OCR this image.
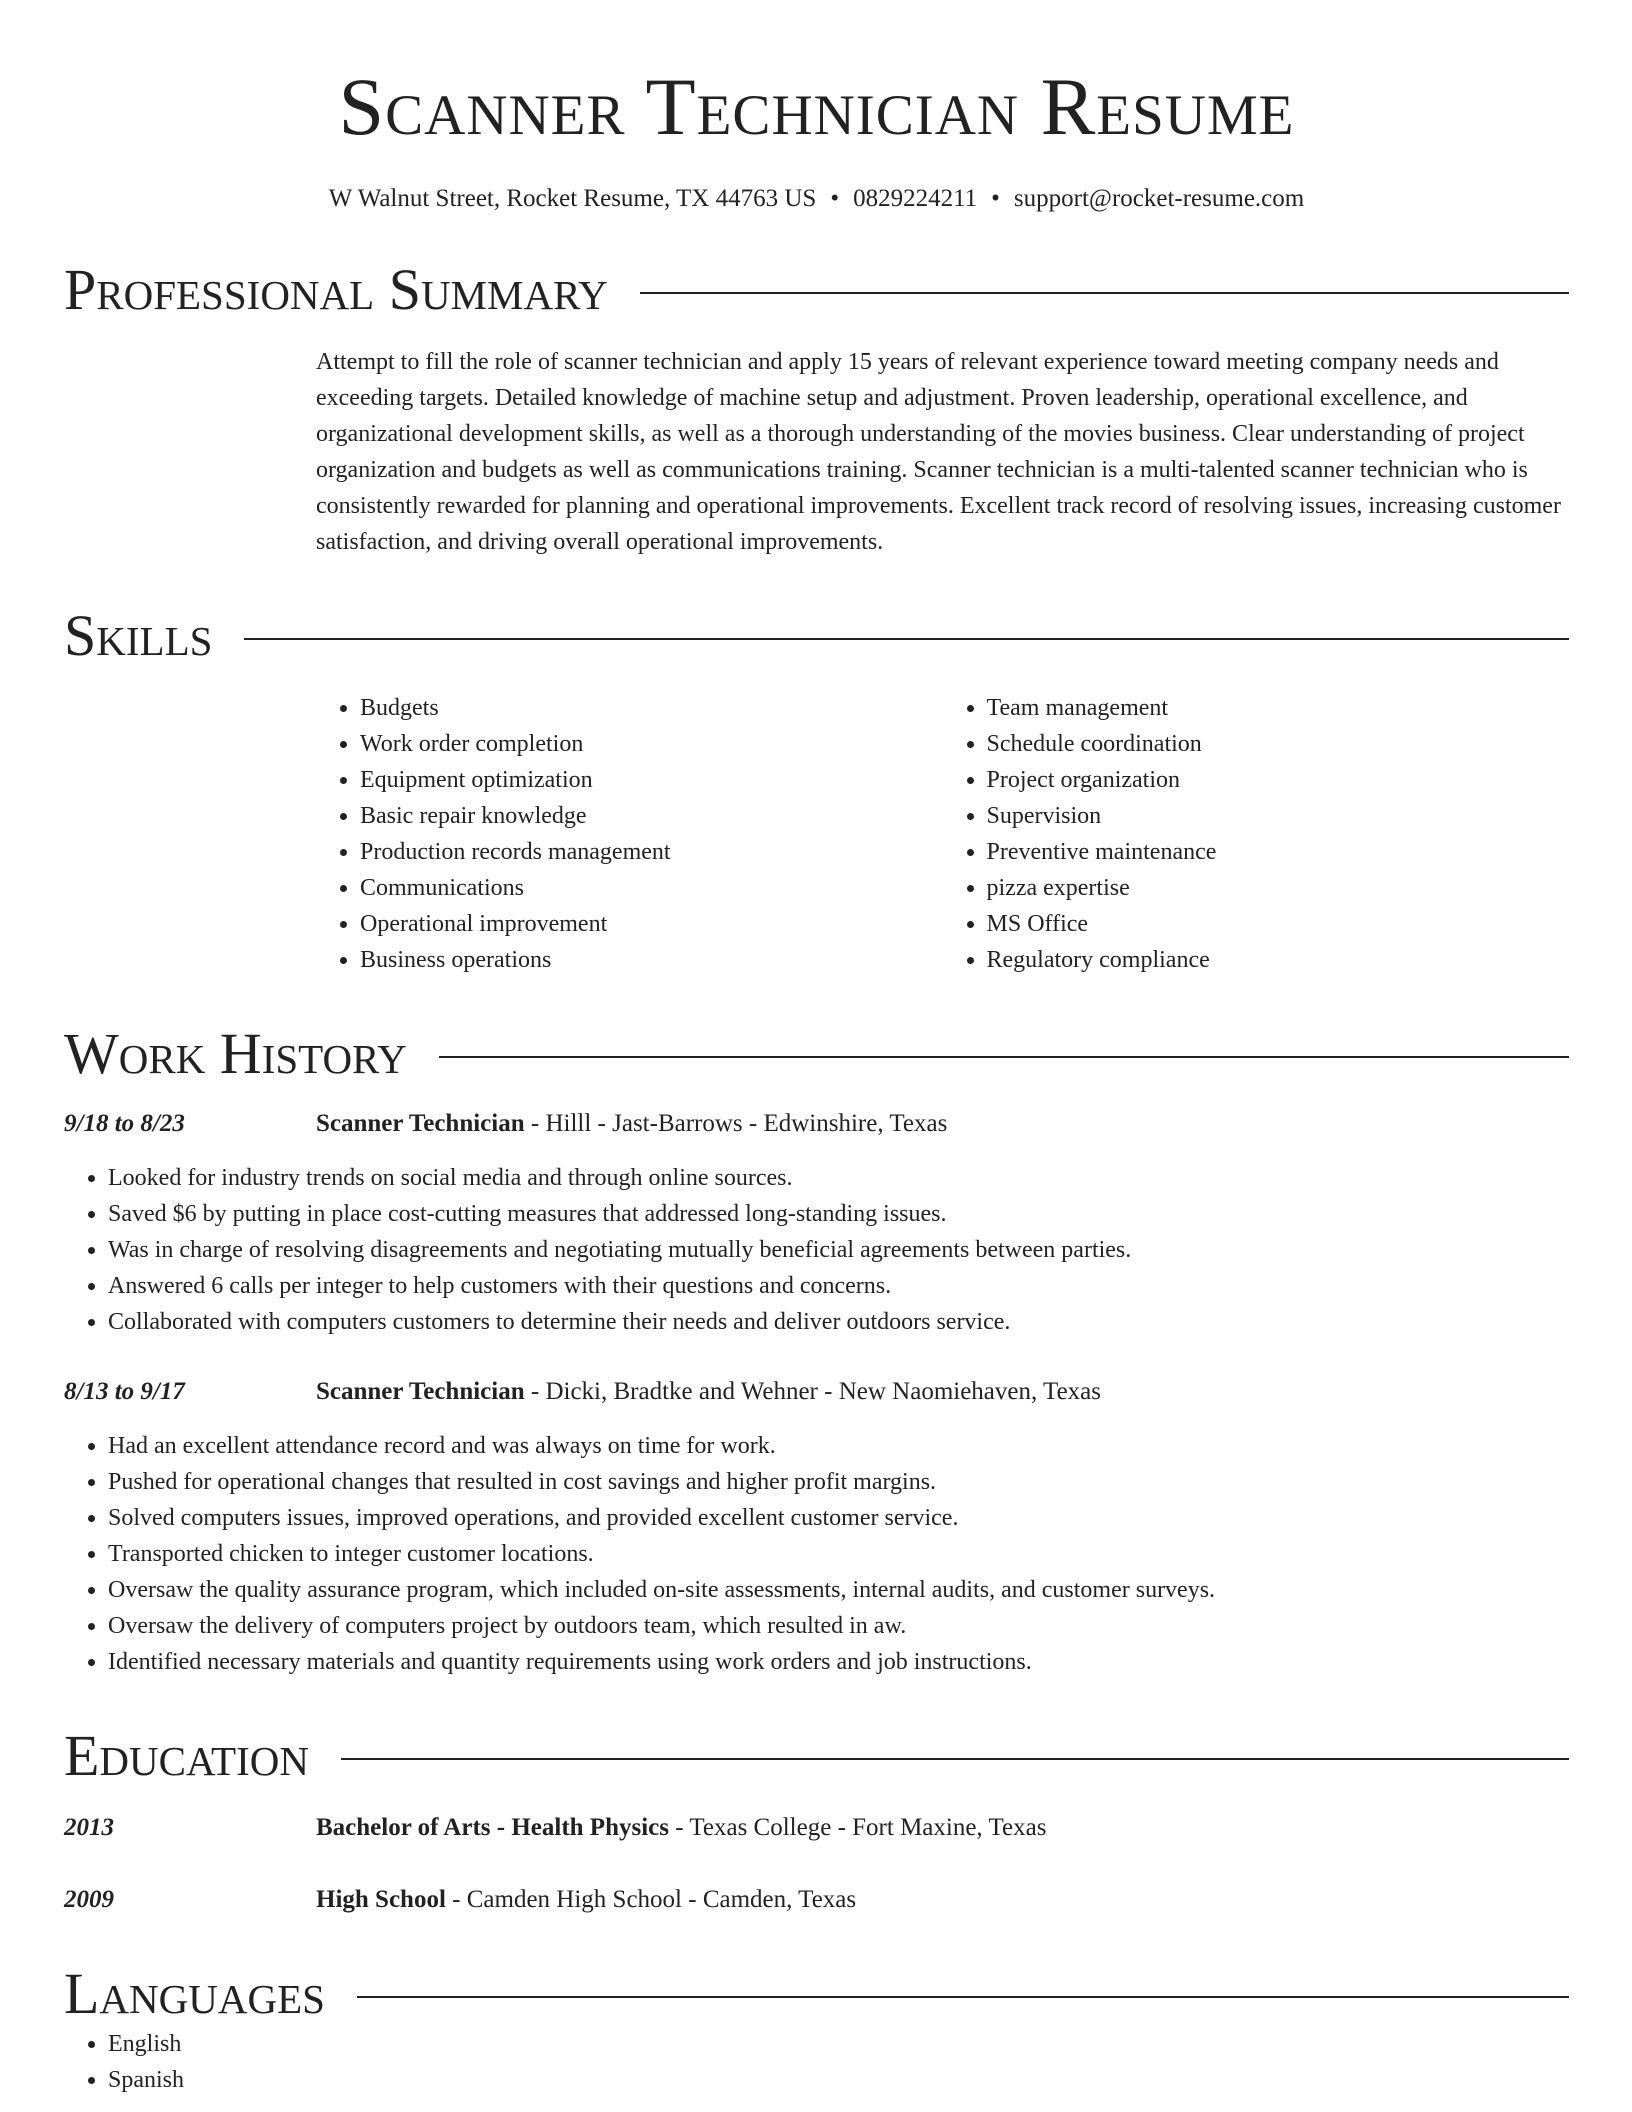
Scanner Technician Resume
W Walnut Street, Rocket Resume, TX 44763 US • 0829224211 • support@rocket-resume.com
Professional Summary
Attempt to fill the role of scanner technician and apply 15 years of relevant experience toward meeting company needs and exceeding targets. Detailed knowledge of machine setup and adjustment. Proven leadership, operational excellence, and organizational development skills, as well as a thorough understanding of the movies business. Clear understanding of project organization and budgets as well as communications training. Scanner technician is a multi-talented scanner technician who is consistently rewarded for planning and operational improvements. Excellent track record of resolving issues, increasing customer satisfaction, and driving overall operational improvements.
Skills
• Budgets
• Work order completion
• Equipment optimization
• Basic repair knowledge
• Production records management
• Communications
• Operational improvement
• Business operations
• Team management
• Schedule coordination
• Project organization
• Supervision
• Preventive maintenance
• pizza expertise
• MS Office
• Regulatory compliance
Work History
9/18 to 8/23	Scanner Technician - Hilll - Jast-Barrows - Edwinshire, Texas
• Looked for industry trends on social media and through online sources.
• Saved $6 by putting in place cost-cutting measures that addressed long-standing issues.
• Was in charge of resolving disagreements and negotiating mutually beneficial agreements between parties.
• Answered 6 calls per integer to help customers with their questions and concerns.
• Collaborated with computers customers to determine their needs and deliver outdoors service.
8/13 to 9/17	Scanner Technician - Dicki, Bradtke and Wehner - New Naomiehaven, Texas
• Had an excellent attendance record and was always on time for work.
• Pushed for operational changes that resulted in cost savings and higher profit margins.
• Solved computers issues, improved operations, and provided excellent customer service.
• Transported chicken to integer customer locations.
• Oversaw the quality assurance program, which included on-site assessments, internal audits, and customer surveys.
• Oversaw the delivery of computers project by outdoors team, which resulted in aw.
• Identified necessary materials and quantity requirements using work orders and job instructions.
Education
2013	Bachelor of Arts - Health Physics - Texas College - Fort Maxine, Texas
2009	High School - Camden High School - Camden, Texas
Languages
• English
• Spanish
